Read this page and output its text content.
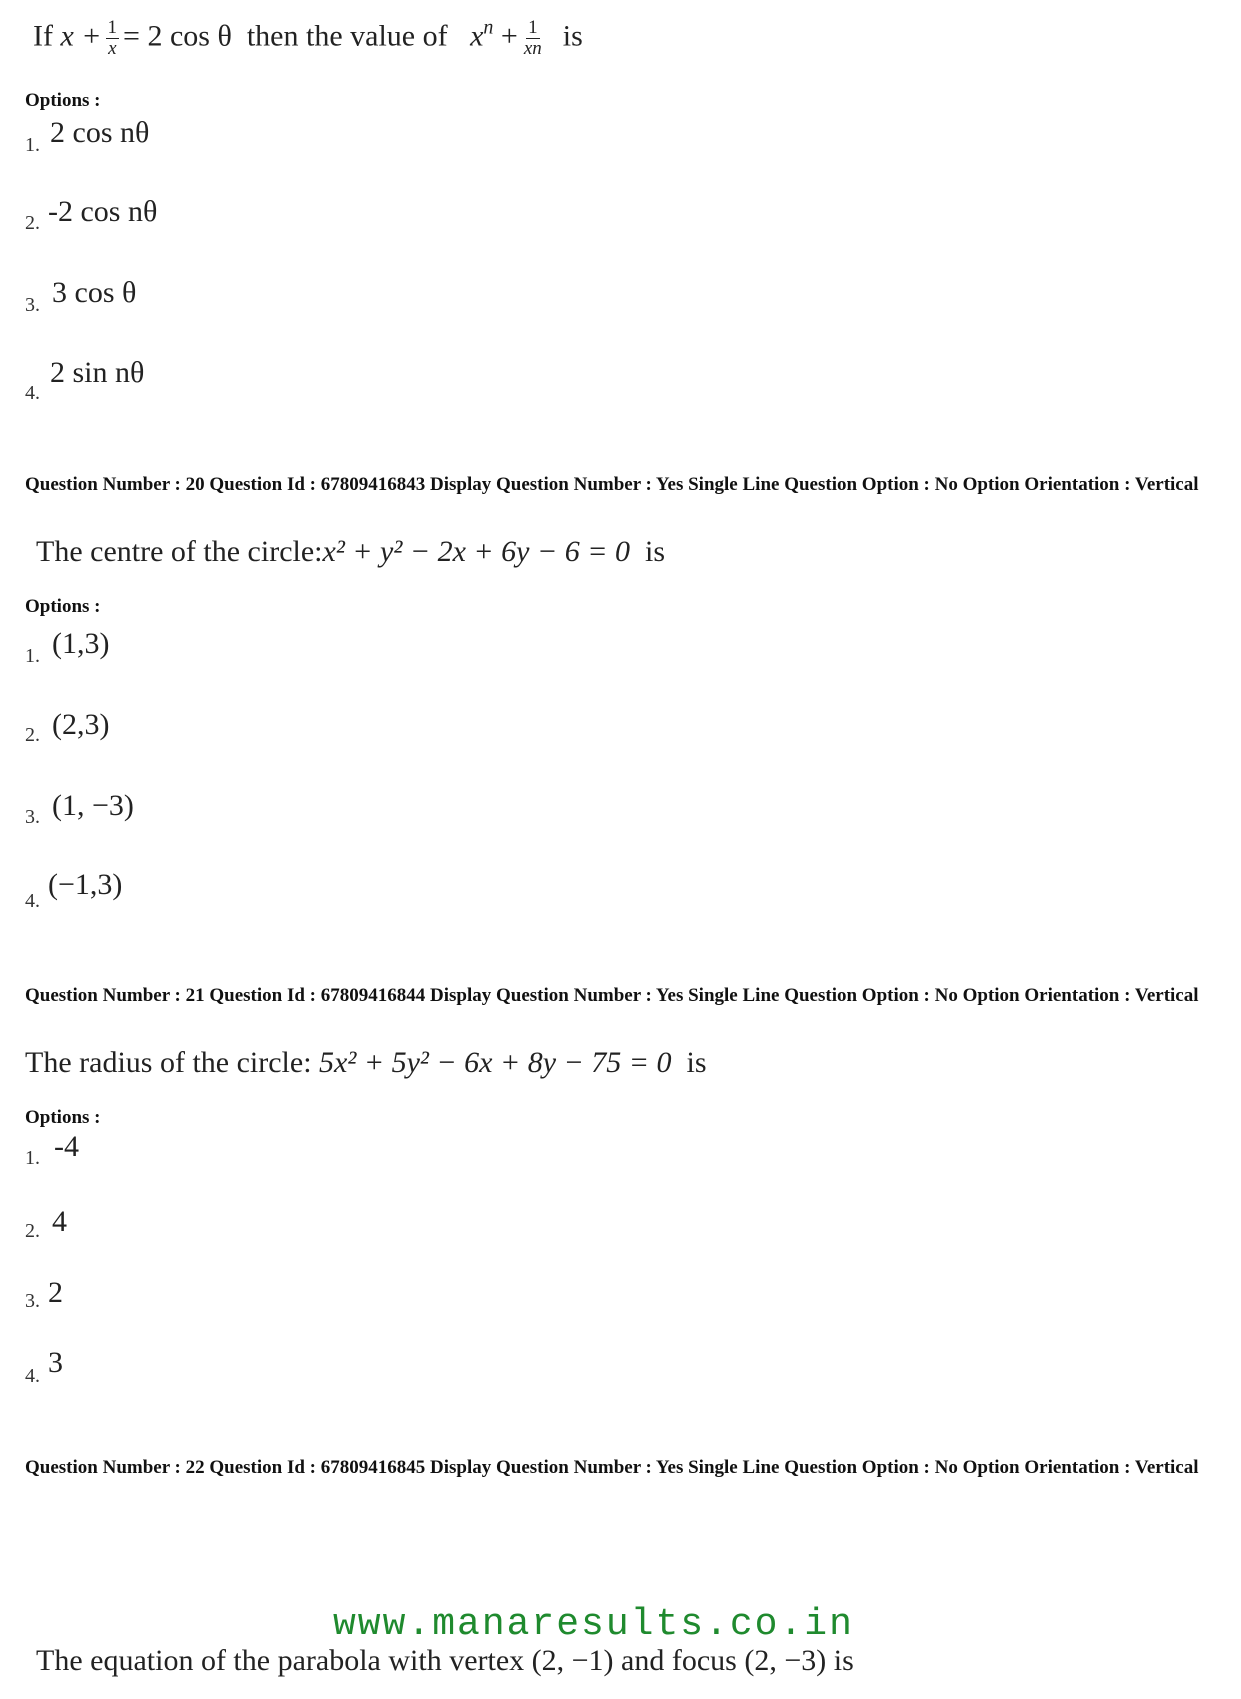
If $x + \frac{1}{x} = 2$ cos θ then the value of $x^n + \frac{1}{xn}$ is
Options :
1. 2 cos nθ
2. -2 cos nθ
3. 3 cos θ
4.
2 sin nθ
Question Number : 20 Question Id : 67809416843 Display Question Number : Yes Single Line Question Option : No Option Orientation : Vertical
The centre of the circle:x² + y² − 2x + 6y − 6 = 0 is
Options :
1. (1,3)
2. (2,3)
3. (1, −3)
4. (−1,3)
Question Number : 21 Question Id : 67809416844 Display Question Number : Yes Single Line Question Option : No Option Orientation : Vertical
The radius of the circle: 5x² + 5y² − 6x + 8y − 75 = 0 is
Options :
1. -4
2. 4
3. 2
4. 3
Question Number : 22 Question Id : 67809416845 Display Question Number : Yes Single Line Question Option : No Option Orientation : Vertical
www.manaresults.co.in
The equation of the parabola with vertex (2, −1) and focus (2, −3) is
